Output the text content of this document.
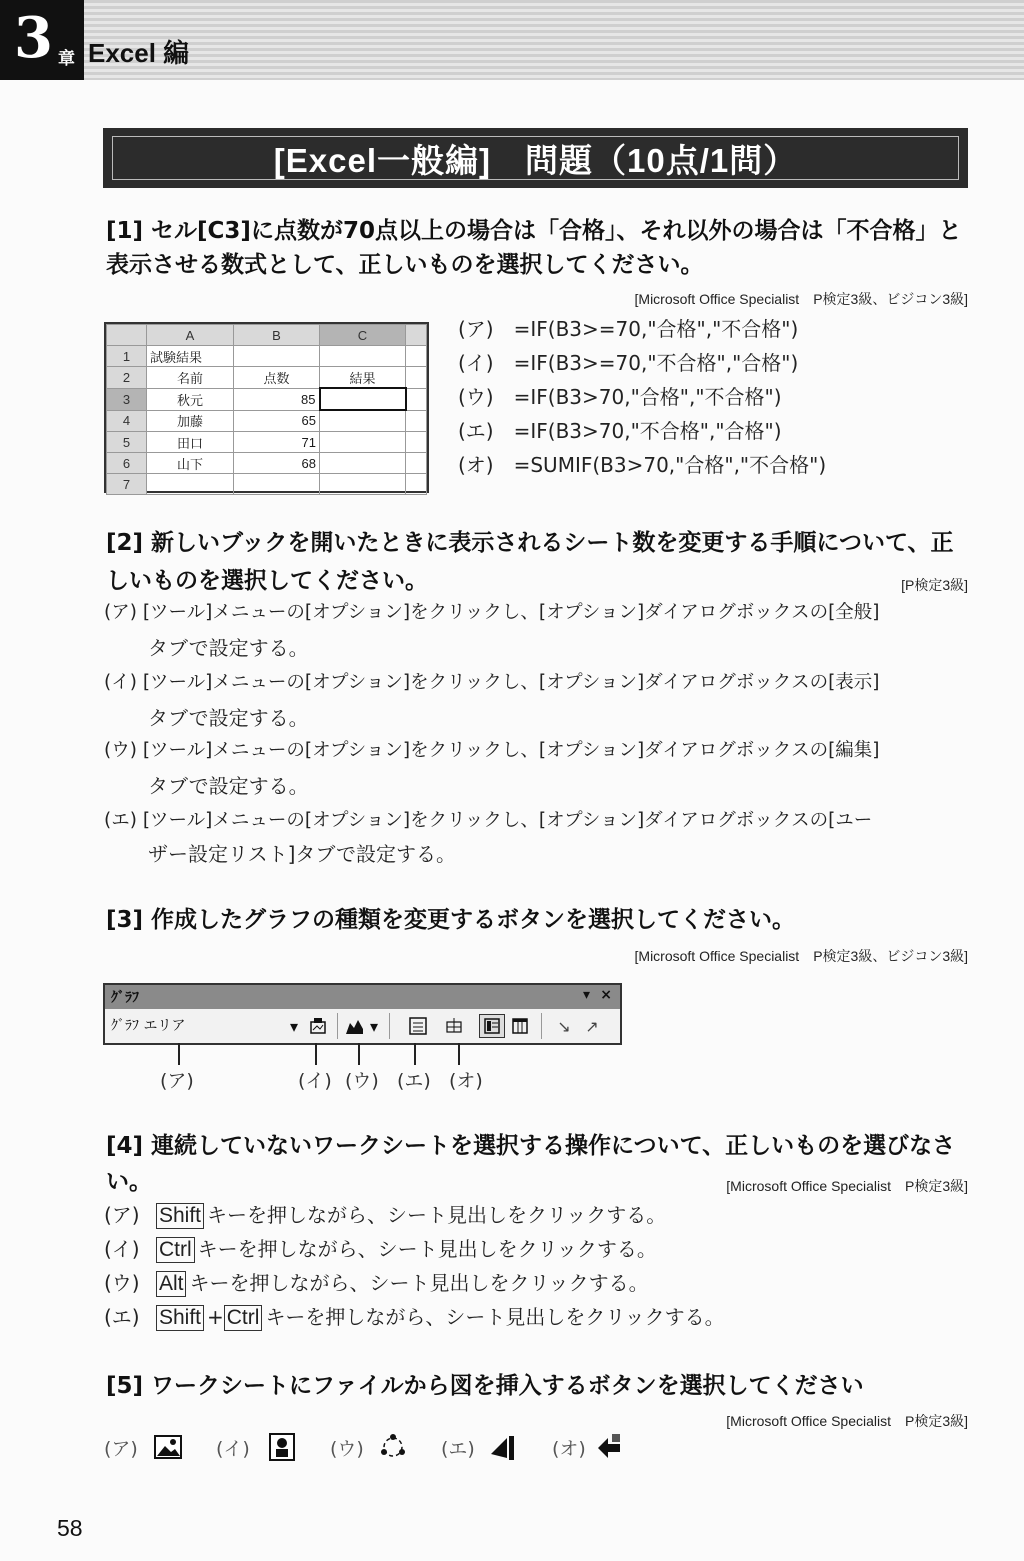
3 章 Excel 編
[Excel一般編]　問題（10点/1問）
[1] セル[C3]に点数が70点以上の場合は「合格」、それ以外の場合は「不合格」と
表示させる数式として、正しいものを選択してください。
[Microsoft Office Specialist　P検定3級、ビジコン3級]
	A	B	C	
1	試験結果			
2	名前	点数	結果	
3	秋元	85		
4	加藤	65		
5	田口	71		
6	山下	68		
7				
(ア)　=IF(B3>=70,"合格","不合格")
(イ)　=IF(B3>=70,"不合格","合格")
(ウ)　=IF(B3>70,"合格","不合格")
(エ)　=IF(B3>70,"不合格","合格")
(オ)　=SUMIF(B3>70,"合格","不合格")
[2] 新しいブックを開いたときに表示されるシート数を変更する手順について、正
しいものを選択してください。	[P検定3級]
(ア) [ツール]メニューの[オプション]をクリックし、[オプション]ダイアログボックスの[全般]
タブで設定する。
(イ) [ツール]メニューの[オプション]をクリックし、[オプション]ダイアログボックスの[表示]
タブで設定する。
(ウ) [ツール]メニューの[オプション]をクリックし、[オプション]ダイアログボックスの[編集]
タブで設定する。
(エ) [ツール]メニューの[オプション]をクリックし、[オプション]ダイアログボックスの[ユー
ザー設定リスト]タブで設定する。
[3] 作成したグラフの種類を変更するボタンを選択してください。
[Microsoft Office Specialist　P検定3級、ビジコン3級]
ｸﾞﾗﾌ	▾ ×
ｸﾞﾗﾌ エリア	▾	▾	↘ ↗
(ア)	(イ) (ウ) (エ) (オ)
[4] 連続していないワークシートを選択する操作について、正しいものを選びなさ
い。	[Microsoft Office Specialist　P検定3級]
(ア) Shift キーを押しながら、シート見出しをクリックする。
(イ) Ctrl キーを押しながら、シート見出しをクリックする。
(ウ) Alt キーを押しながら、シート見出しをクリックする。
(エ) Shift + Ctrl キーを押しながら、シート見出しをクリックする。
[5] ワークシートにファイルから図を挿入するボタンを選択してください
[Microsoft Office Specialist　P検定3級]
(ア)	(イ)	(ウ)	(エ)	(オ)
58
